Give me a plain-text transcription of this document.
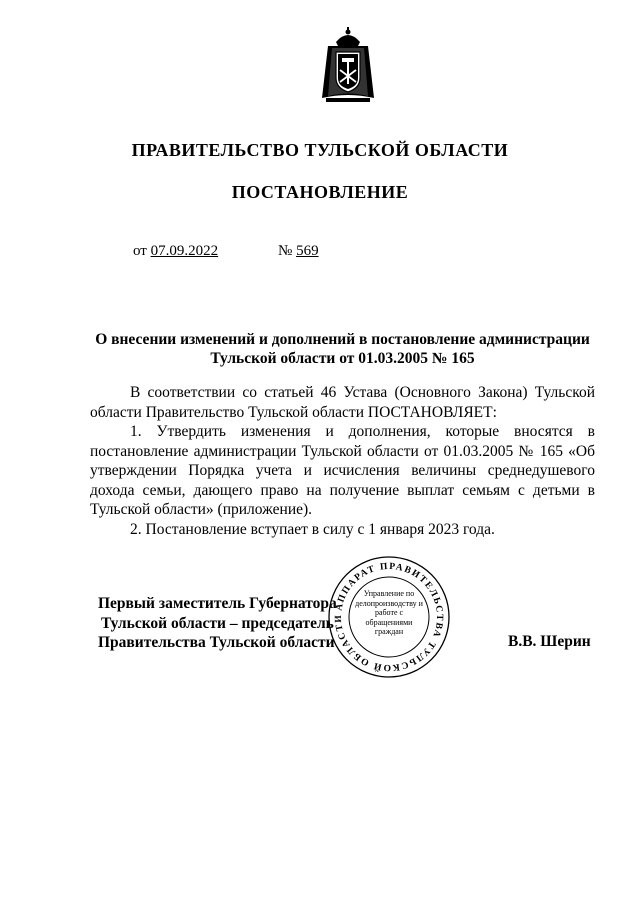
ПРАВИТЕЛЬСТВО ТУЛЬСКОЙ ОБЛАСТИ
ПОСТАНОВЛЕНИЕ
от 07.09.2022	№ 569
О внесении изменений и дополнений в постановление администрации
Тульской области от 01.03.2005 № 165

В соответствии со статьей 46 Устава (Основного Закона) Тульской области Правительство Тульской области ПОСТАНОВЛЯЕТ:

1. Утвердить изменения и дополнения, которые вносятся в постановление администрации Тульской области от 01.03.2005 № 165 «Об утверждении Порядка учета и исчисления величины среднедушевого дохода семьи, дающего право на получение выплат семьям с детьми в Тульской области» (приложение).

2. Постановление вступает в силу с 1 января 2023 года.

Первый заместитель Губернатора
Тульской области – председатель
Правительства Тульской области	В.В. Шерин
АППАРАТ ПРАВИТЕЛЬСТВА ТУЛЬСКОЙ ОБЛАСТИ
Управление по делопроизводству и работе с обращениями граждан
